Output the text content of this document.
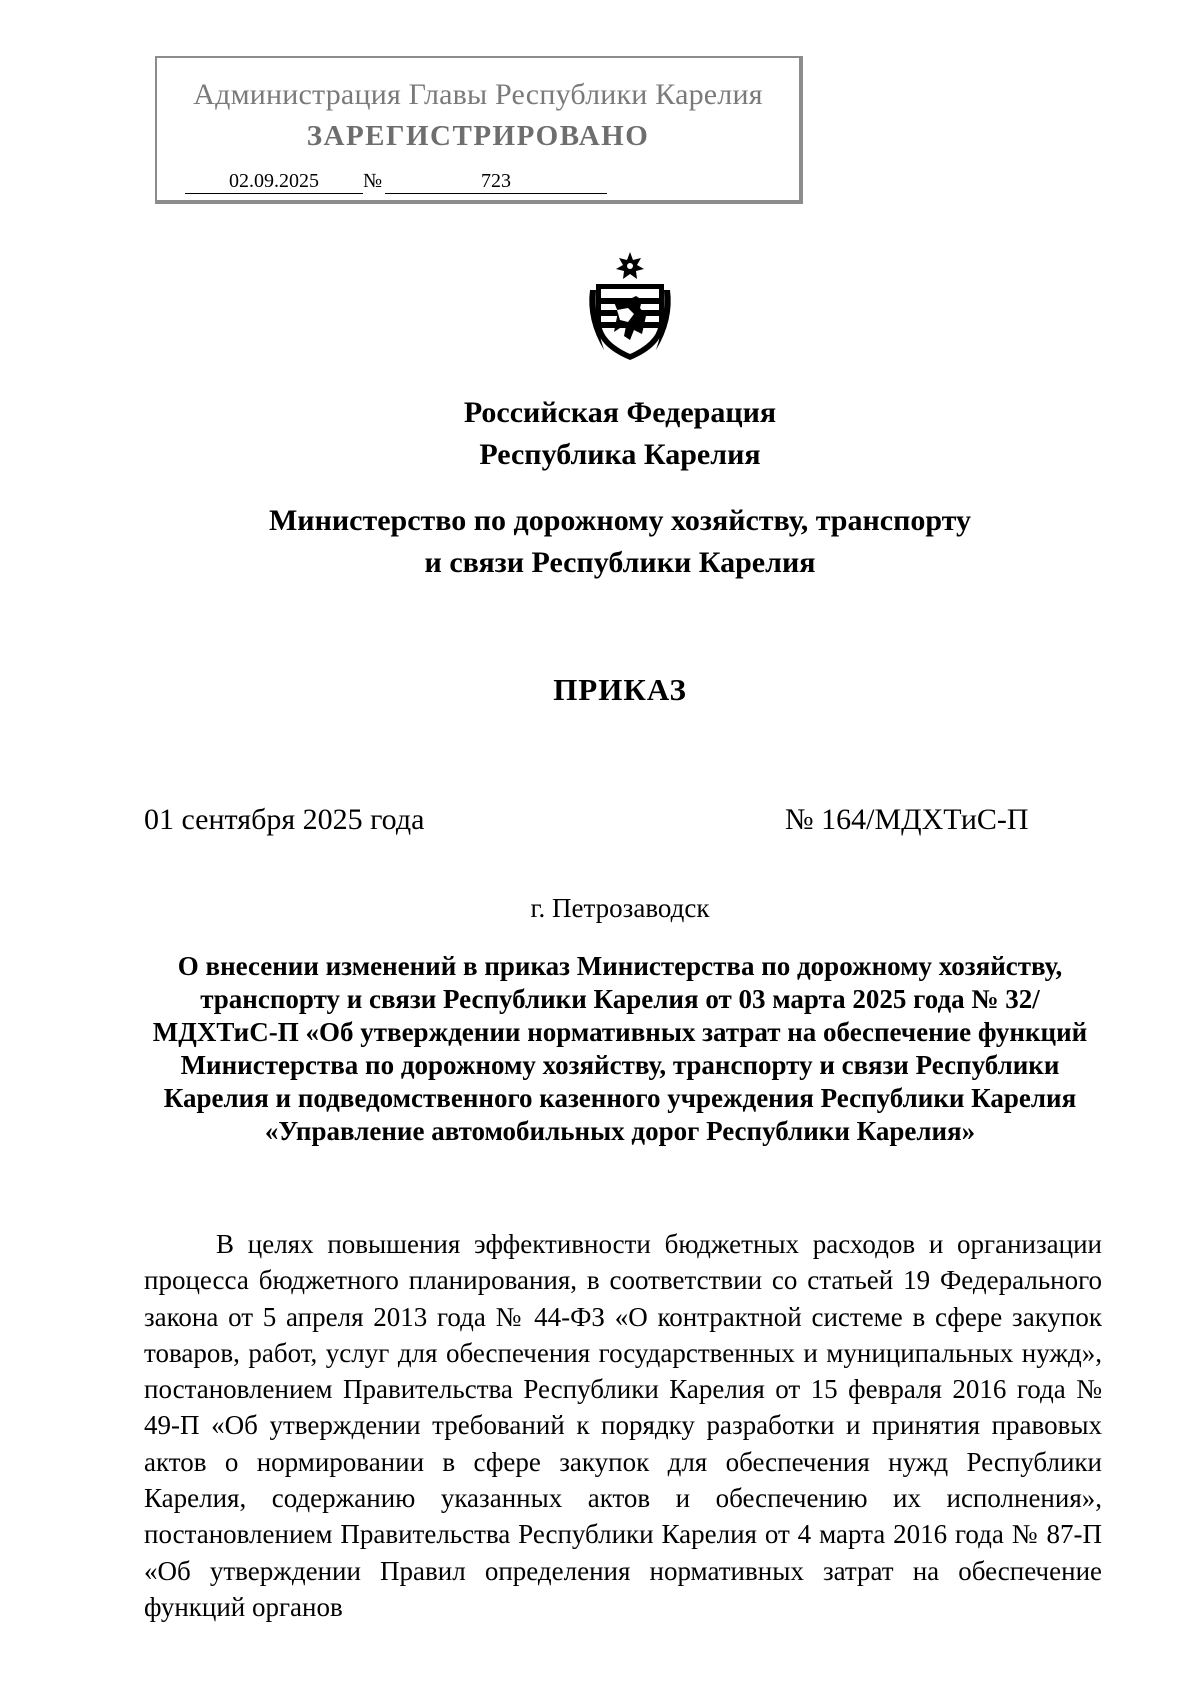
Администрация Главы Республики Карелия
ЗАРЕГИСТРИРОВАНО
02.09.2025	№	723
Российская Федерация
Республика Карелия
Министерство по дорожному хозяйству, транспорту
и связи Республики Карелия
ПРИКАЗ
01 сентября 2025 года	№ 164/МДХТиС-П
г. Петрозаводск
О внесении изменений в приказ Министерства по дорожному хозяйству, транспорту и связи Республики Карелия от 03 марта 2025 года № 32/МДХТиС-П «Об утверждении нормативных затрат на обеспечение функций Министерства по дорожному хозяйству, транспорту и связи Республики Карелия и подведомственного казенного учреждения Республики Карелия «Управление автомобильных дорог Республики Карелия»
В целях повышения эффективности бюджетных расходов и организации процесса бюджетного планирования, в соответствии со статьей 19 Федерального закона от 5 апреля 2013 года № 44-ФЗ «О контрактной системе в сфере закупок товаров, работ, услуг для обеспечения государственных и муниципальных нужд», постановлением Правительства Республики Карелия от 15 февраля 2016 года № 49-П «Об утверждении требований к порядку разработки и принятия правовых актов о нормировании в сфере закупок для обеспечения нужд Республики Карелия, содержанию указанных актов и обеспечению их исполнения», постановлением Правительства Республики Карелия от 4 марта 2016 года № 87-П «Об утверждении Правил определения нормативных затрат на обеспечение функций органов
